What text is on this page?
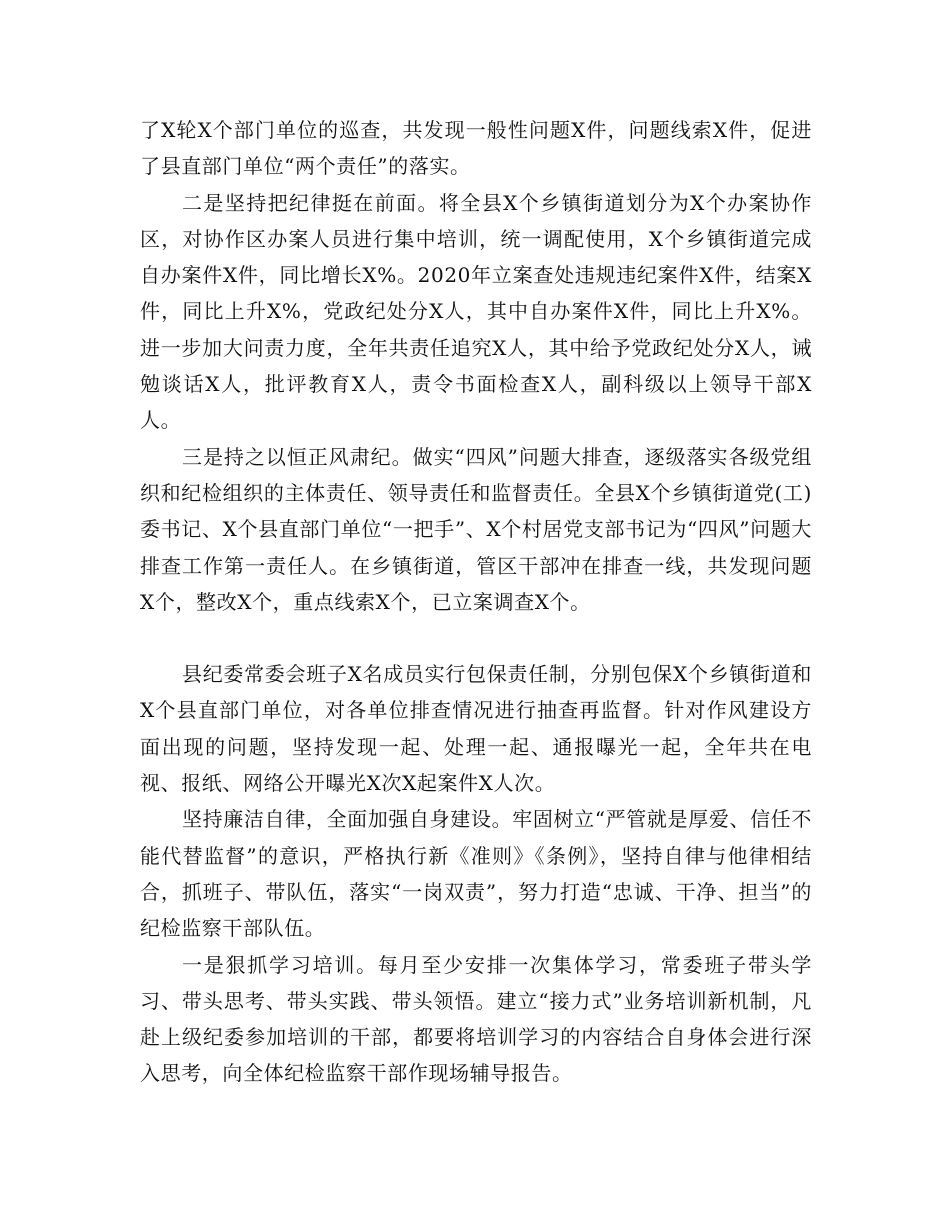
了X轮X个部门单位的巡查，共发现一般性问题X件，问题线索X件，促进了县直部门单位“两个责任”的落实。

二是坚持把纪律挺在前面。将全县X个乡镇街道划分为X个办案协作区，对协作区办案人员进行集中培训，统一调配使用，X个乡镇街道完成自办案件X件，同比增长X%。2020年立案查处违规违纪案件X件，结案X件，同比上升X%，党政纪处分X人，其中自办案件X件，同比上升X%。进一步加大问责力度，全年共责任追究X人，其中给予党政纪处分X人，诫勉谈话X人，批评教育X人，责令书面检查X人，副科级以上领导干部X人。

三是持之以恒正风肃纪。做实“四风”问题大排查，逐级落实各级党组织和纪检组织的主体责任、领导责任和监督责任。全县X个乡镇街道党(工)委书记、X个县直部门单位“一把手”、X个村居党支部书记为“四风”问题大排查工作第一责任人。在乡镇街道，管区干部冲在排查一线，共发现问题X个，整改X个，重点线索X个，已立案调查X个。

县纪委常委会班子X名成员实行包保责任制，分别包保X个乡镇街道和X个县直部门单位，对各单位排查情况进行抽查再监督。针对作风建设方面出现的问题，坚持发现一起、处理一起、通报曝光一起，全年共在电视、报纸、网络公开曝光X次X起案件X人次。

坚持廉洁自律，全面加强自身建设。牢固树立“严管就是厚爱、信任不能代替监督”的意识，严格执行新《准则》《条例》，坚持自律与他律相结合，抓班子、带队伍，落实“一岗双责”，努力打造“忠诚、干净、担当”的纪检监察干部队伍。

一是狠抓学习培训。每月至少安排一次集体学习，常委班子带头学习、带头思考、带头实践、带头领悟。建立“接力式”业务培训新机制，凡赴上级纪委参加培训的干部，都要将培训学习的内容结合自身体会进行深入思考，向全体纪检监察干部作现场辅导报告。
